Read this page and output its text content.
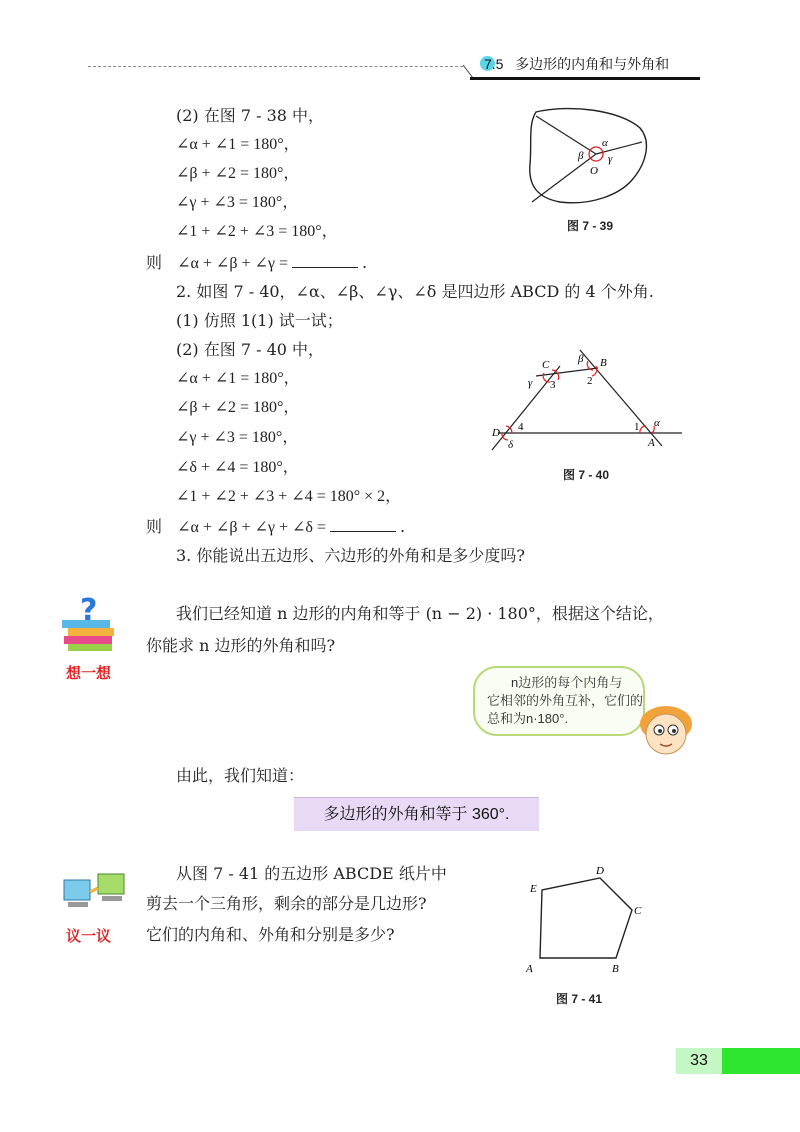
7.5 多边形的内角和与外角和
(2) 在图 7 - 38 中，
∠α + ∠1 = 180°，
∠β + ∠2 = 180°，
∠γ + ∠3 = 180°，
∠1 + ∠2 + ∠3 = 180°，
则 ∠α + ∠β + ∠γ =	.
α
β γ
O
图 7 - 39
2. 如图 7 - 40，∠α、∠β、∠γ、∠δ 是四边形 ABCD 的 4 个外角.
(1) 仿照 1(1) 试一试；
(2) 在图 7 - 40 中，
∠α + ∠1 = 180°，
∠β + ∠2 = 180°，
∠γ + ∠3 = 180°，
∠δ + ∠4 = 180°，
∠1 + ∠2 + ∠3 + ∠4 = 180° × 2，
则 ∠α + ∠β + ∠γ + ∠δ =	.
C	B
D
A
α
β
γ
δ
1
2
3
4
图 7 - 40
3. 你能说出五边形、六边形的外角和是多少度吗?
?
想一想
我们已经知道 n 边形的内角和等于 (n − 2) · 180°，根据这个结论，
你能求 n 边形的外角和吗?
n边形的每个内角与
它相邻的外角互补，它们的
总和为n·180°.
由此，我们知道：
多边形的外角和等于 360°.
议一议
从图 7 - 41 的五边形 ABCDE 纸片中
剪去一个三角形，剩余的部分是几边形?
它们的内角和、外角和分别是多少?
A	B
C
D
E
图 7 - 41
33
